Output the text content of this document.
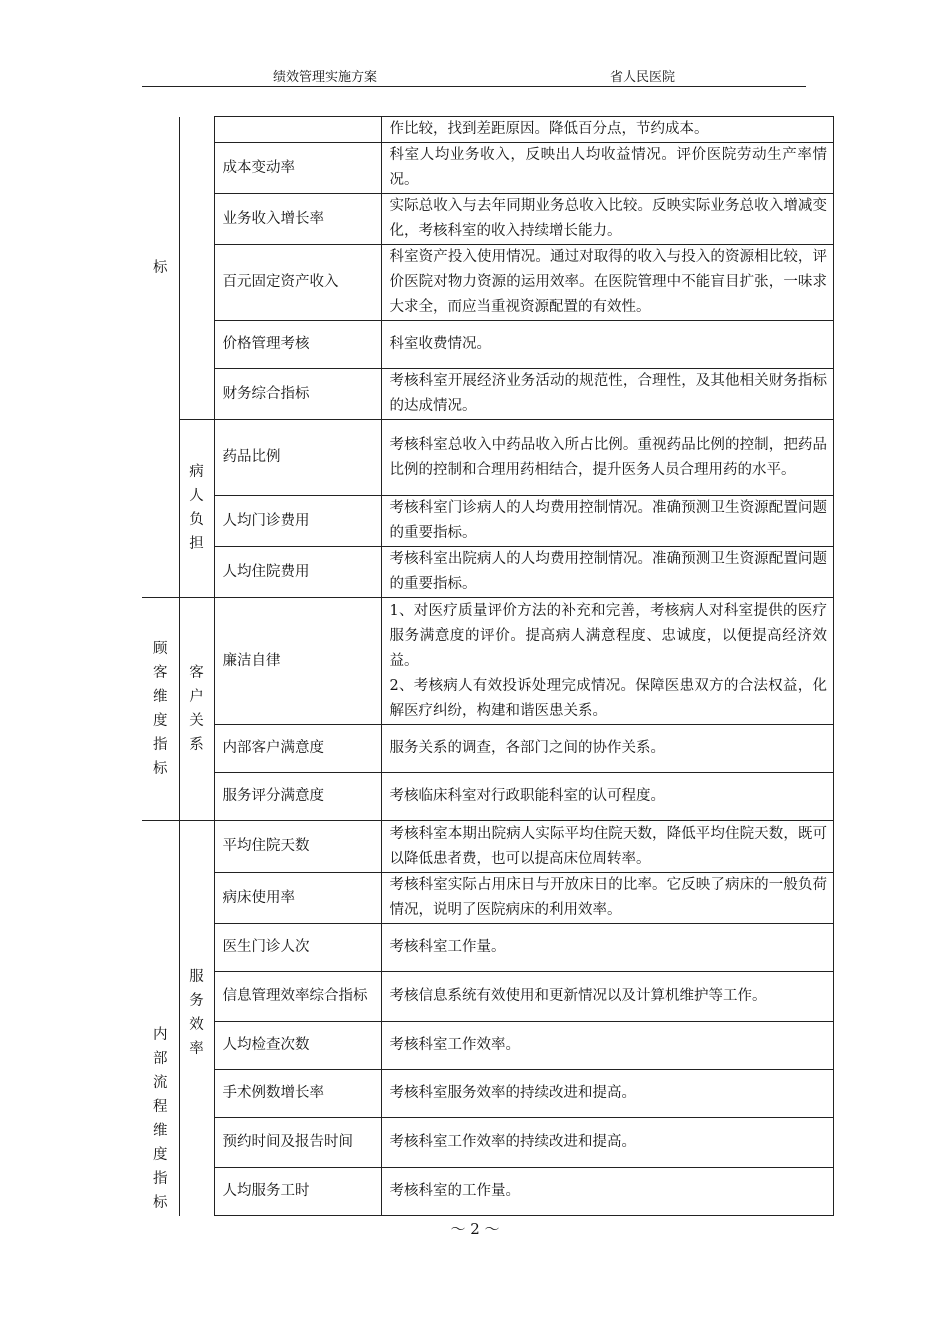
绩效管理实施方案	省人民医院
标			作比较，找到差距原因。降低百分点，节约成本。
		成本变动率	科室人均业务收入，反映出人均收益情况。评价医院劳动生产率情况。
		业务收入增长率	实际总收入与去年同期业务总收入比较。反映实际业务总收入增减变化，考核科室的收入持续增长能力。
		百元固定资产收入	科室资产投入使用情况。通过对取得的收入与投入的资源相比较，评价医院对物力资源的运用效率。在医院管理中不能盲目扩张，一味求大求全，而应当重视资源配置的有效性。
		价格管理考核	科室收费情况。
		财务综合指标	考核科室开展经济业务活动的规范性，合理性，及其他相关财务指标的达成情况。
	病人负担	药品比例	考核科室总收入中药品收入所占比例。重视药品比例的控制，把药品比例的控制和合理用药相结合，提升医务人员合理用药的水平。
		人均门诊费用	考核科室门诊病人的人均费用控制情况。准确预测卫生资源配置问题的重要指标。
		人均住院费用	考核科室出院病人的人均费用控制情况。准确预测卫生资源配置问题的重要指标。
顾客维度指标	客户关系	廉洁自律	1、对医疗质量评价方法的补充和完善，考核病人对科室提供的医疗服务满意度的评价。提高病人满意程度、忠诚度，以便提高经济效益。
2、考核病人有效投诉处理完成情况。保障医患双方的合法权益，化解医疗纠纷，构建和谐医患关系。

		内部客户满意度	服务关系的调查，各部门之间的协作关系。
		服务评分满意度	考核临床科室对行政职能科室的认可程度。
内部流程维度指标	服务效率	平均住院天数	考核科室本期出院病人实际平均住院天数，降低平均住院天数，既可以降低患者费，也可以提高床位周转率。
		病床使用率	考核科室实际占用床日与开放床日的比率。它反映了病床的一般负荷情况，说明了医院病床的利用效率。
		医生门诊人次	考核科室工作量。
		信息管理效率综合指标	考核信息系统有效使用和更新情况以及计算机维护等工作。
		人均检查次数	考核科室工作效率。
		手术例数增长率	考核科室服务效率的持续改进和提高。
		预约时间及报告时间	考核科室工作效率的持续改进和提高。
		人均服务工时	考核科室的工作量。
～ 2 ～
